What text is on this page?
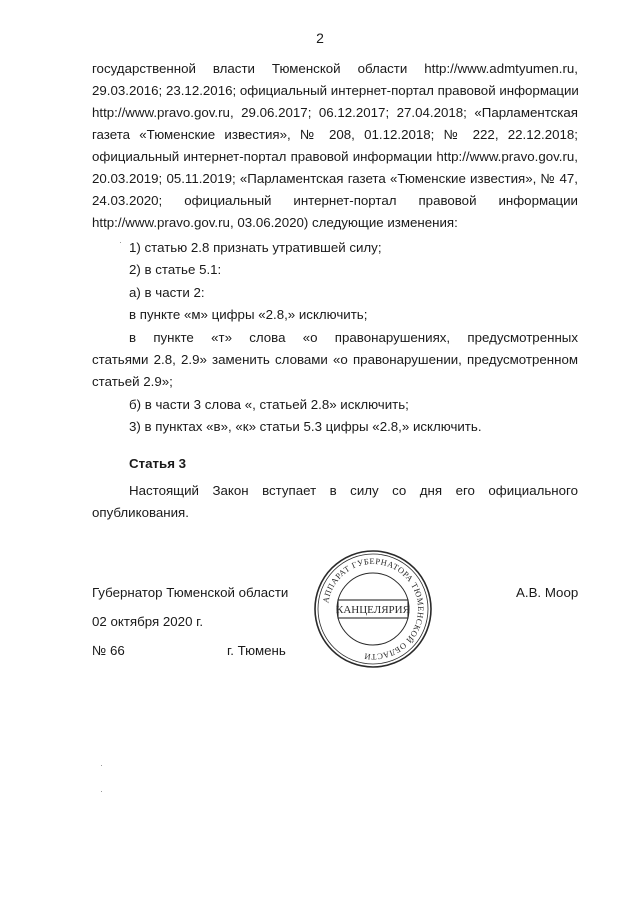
2
государственной власти Тюменской области http://www.admtyumen.ru,
29.03.2016; 23.12.2016; официальный интернет-портал правовой информации
http://www.pravo.gov.ru, 29.06.2017; 06.12.2017; 27.04.2018; «Парламентская
газета «Тюменские известия», № 208, 01.12.2018; № 222, 22.12.2018;
официальный интернет-портал правовой информации http://www.pravo.gov.ru,
20.03.2019; 05.11.2019; «Парламентская газета «Тюменские известия», № 47,
24.03.2020; официальный интернет-портал правовой информации
http://www.pravo.gov.ru, 03.06.2020) следующие изменения:
1) статью 2.8 признать утратившей силу;
2) в статье 5.1:
а) в части 2:
в пункте «м» цифры «2.8,» исключить;
в пункте «т» слова «о правонарушениях, предусмотренных
статьями 2.8, 2.9» заменить словами «о правонарушении, предусмотренном
статьей 2.9»;
б) в части 3 слова «, статьей 2.8» исключить;
3) в пунктах «в», «к» статьи 5.3 цифры «2.8,» исключить.
Статья 3
Настоящий Закон вступает в силу со дня его официального
опубликования.
Губернатор Тюменской области	А.В. Моор
02 октября 2020 г.
№ 66	г. Тюмень
АППАРАТ ГУБЕРНАТОРА ТЮМЕНСКОЙ ОБЛАСТИ
КАНЦЕЛЯРИЯ
